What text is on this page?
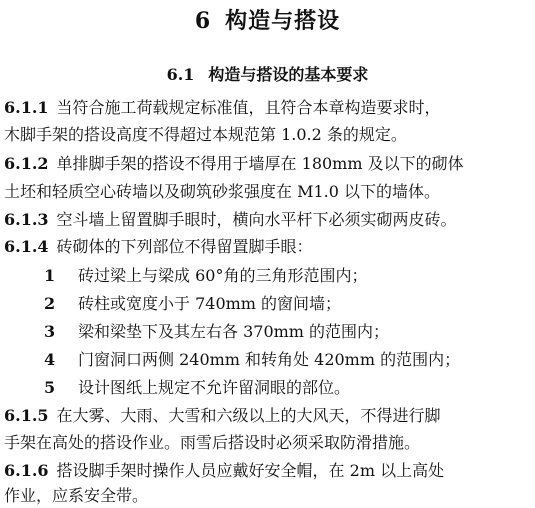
6 构造与搭设
6.1 构造与搭设的基本要求
6.1.1 当符合施工荷载规定标准值，且符合本章构造要求时，
木脚手架的搭设高度不得超过本规范第 1.0.2 条的规定。
6.1.2 单排脚手架的搭设不得用于墙厚在 180mm 及以下的砌体
土坯和轻质空心砖墙以及砌筑砂浆强度在 M1.0 以下的墙体。
6.1.3 空斗墙上留置脚手眼时，横向水平杆下必须实砌两皮砖。
6.1.4 砖砌体的下列部位不得留置脚手眼：
1 砖过梁上与梁成 60°角的三角形范围内；
2 砖柱或宽度小于 740mm 的窗间墙；
3 梁和梁垫下及其左右各 370mm 的范围内；
4 门窗洞口两侧 240mm 和转角处 420mm 的范围内；
5 设计图纸上规定不允许留洞眼的部位。
6.1.5 在大雾、大雨、大雪和六级以上的大风天，不得进行脚
手架在高处的搭设作业。雨雪后搭设时必须采取防滑措施。
6.1.6 搭设脚手架时操作人员应戴好安全帽，在 2m 以上高处
作业，应系安全带。
